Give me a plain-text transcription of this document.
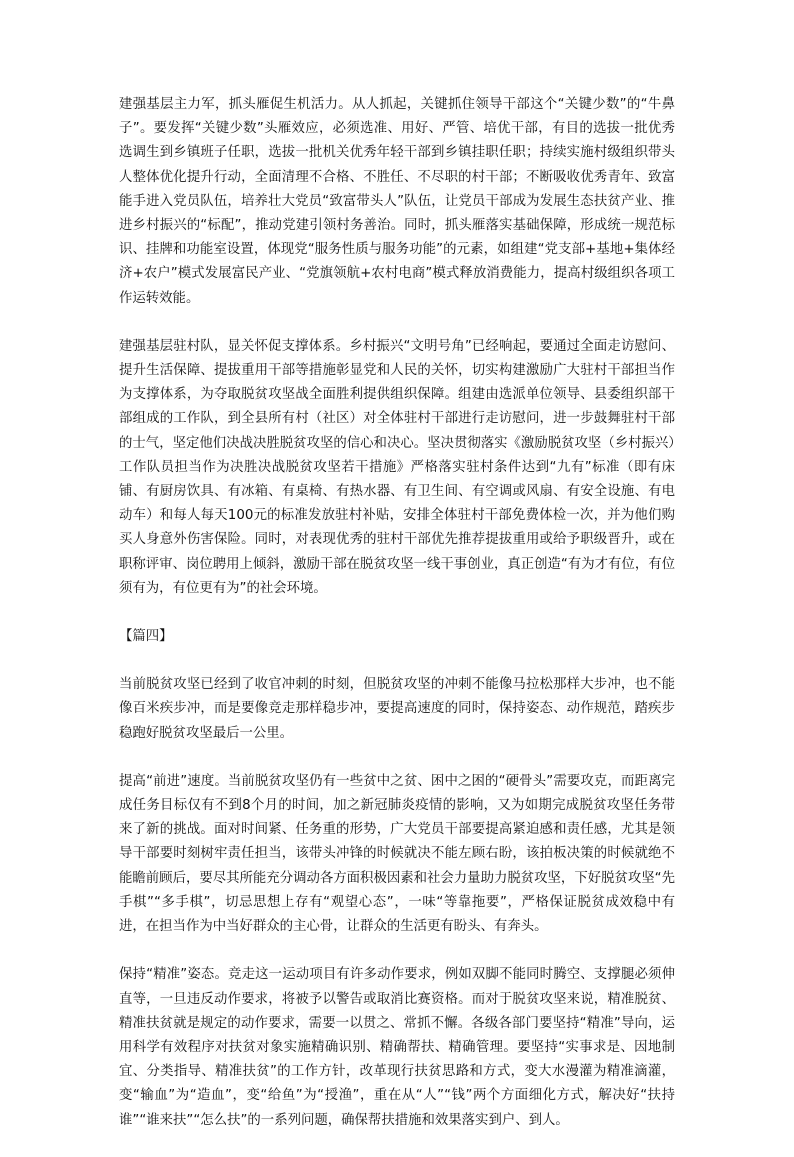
建强基层主力军，抓头雁促生机活力。从人抓起，关键抓住领导干部这个“关键少数”的“牛鼻子”。要发挥“关键少数”头雁效应，必须选准、用好、严管、培优干部，有目的选拔一批优秀选调生到乡镇班子任职，选拔一批机关优秀年轻干部到乡镇挂职任职；持续实施村级组织带头人整体优化提升行动，全面清理不合格、不胜任、不尽职的村干部；不断吸收优秀青年、致富能手进入党员队伍，培养壮大党员“致富带头人”队伍，让党员干部成为发展生态扶贫产业、推进乡村振兴的“标配”，推动党建引领村务善治。同时，抓头雁落实基础保障，形成统一规范标识、挂牌和功能室设置，体现党“服务性质与服务功能”的元素，如组建“党支部+基地+集体经济+农户”模式发展富民产业、“党旗领航+农村电商”模式释放消费能力，提高村级组织各项工作运转效能。

建强基层驻村队，显关怀促支撑体系。乡村振兴“文明号角”已经响起，要通过全面走访慰问、提升生活保障、提拔重用干部等措施彰显党和人民的关怀，切实构建激励广大驻村干部担当作为支撑体系，为夺取脱贫攻坚战全面胜利提供组织保障。组建由选派单位领导、县委组织部干部组成的工作队，到全县所有村（社区）对全体驻村干部进行走访慰问，进一步鼓舞驻村干部的士气，坚定他们决战决胜脱贫攻坚的信心和决心。坚决贯彻落实《激励脱贫攻坚（乡村振兴）工作队员担当作为决胜决战脱贫攻坚若干措施》严格落实驻村条件达到“九有”标准（即有床铺、有厨房饮具、有冰箱、有桌椅、有热水器、有卫生间、有空调或风扇、有安全设施、有电动车）和每人每天100元的标准发放驻村补贴，安排全体驻村干部免费体检一次，并为他们购买人身意外伤害保险。同时，对表现优秀的驻村干部优先推荐提拔重用或给予职级晋升，或在职称评审、岗位聘用上倾斜，激励干部在脱贫攻坚一线干事创业，真正创造“有为才有位，有位须有为，有位更有为”的社会环境。

【篇四】

当前脱贫攻坚已经到了收官冲刺的时刻，但脱贫攻坚的冲刺不能像马拉松那样大步冲，也不能像百米疾步冲，而是要像竞走那样稳步冲，要提高速度的同时，保持姿态、动作规范，踏疾步稳跑好脱贫攻坚最后一公里。

提高“前进”速度。当前脱贫攻坚仍有一些贫中之贫、困中之困的“硬骨头”需要攻克，而距离完成任务目标仅有不到8个月的时间，加之新冠肺炎疫情的影响，又为如期完成脱贫攻坚任务带来了新的挑战。面对时间紧、任务重的形势，广大党员干部要提高紧迫感和责任感，尤其是领导干部要时刻树牢责任担当，该带头冲锋的时候就决不能左顾右盼，该拍板决策的时候就绝不能瞻前顾后，要尽其所能充分调动各方面积极因素和社会力量助力脱贫攻坚，下好脱贫攻坚“先手棋”“多手棋”，切忌思想上存有“观望心态”，一味“等靠拖要”，严格保证脱贫成效稳中有进，在担当作为中当好群众的主心骨，让群众的生活更有盼头、有奔头。

保持“精准”姿态。竞走这一运动项目有许多动作要求，例如双脚不能同时腾空、支撑腿必须伸直等，一旦违反动作要求，将被予以警告或取消比赛资格。而对于脱贫攻坚来说，精准脱贫、精准扶贫就是规定的动作要求，需要一以贯之、常抓不懈。各级各部门要坚持“精准”导向，运用科学有效程序对扶贫对象实施精确识别、精确帮扶、精确管理。要坚持“实事求是、因地制宜、分类指导、精准扶贫”的工作方针，改革现行扶贫思路和方式，变大水漫灌为精准滴灌，变“输血”为“造血”，变“给鱼”为“授渔”，重在从“人”“钱”两个方面细化方式，解决好“扶持谁”“谁来扶”“怎么扶”的一系列问题，确保帮扶措施和效果落实到户、到人。
